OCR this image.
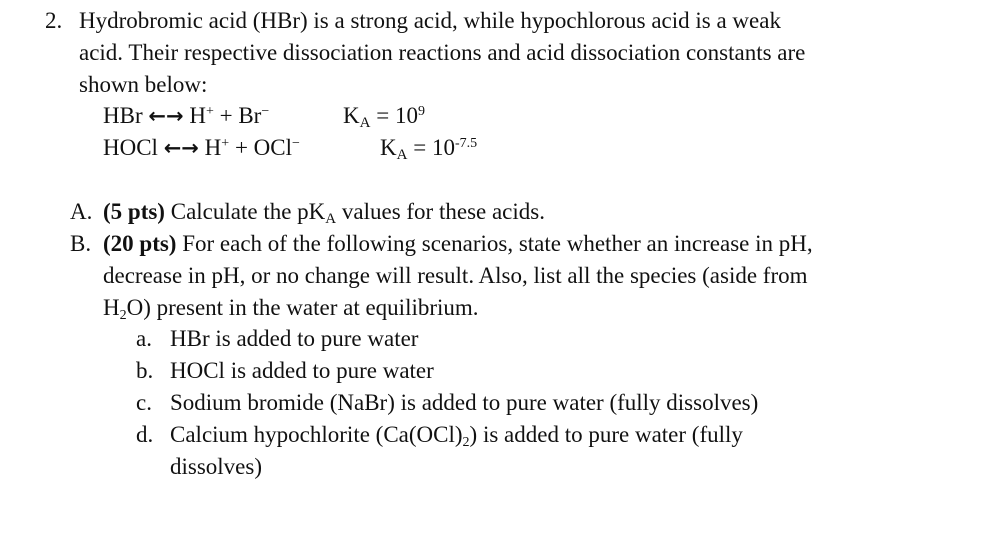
2. Hydrobromic acid (HBr) is a strong acid, while hypochlorous acid is a weak
acid. Their respective dissociation reactions and acid dissociation constants are
shown below:
HBr ←→ H+ + Br−	$K_A = 10^9$
HOCl ←→ H+ + OCl−	$K_A = 10^{-7.5}$
A. (5 pts) Calculate the $pK_A$ values for these acids.
B. (20 pts) For each of the following scenarios, state whether an increase in pH,
decrease in pH, or no change will result. Also, list all the species (aside from
$H_2O$) present in the water at equilibrium.
a. HBr is added to pure water
b. HOCl is added to pure water
c. Sodium bromide (NaBr) is added to pure water (fully dissolves)
d. Calcium hypochlorite $(Ca(OCl)_2)$ is added to pure water (fully
dissolves)
